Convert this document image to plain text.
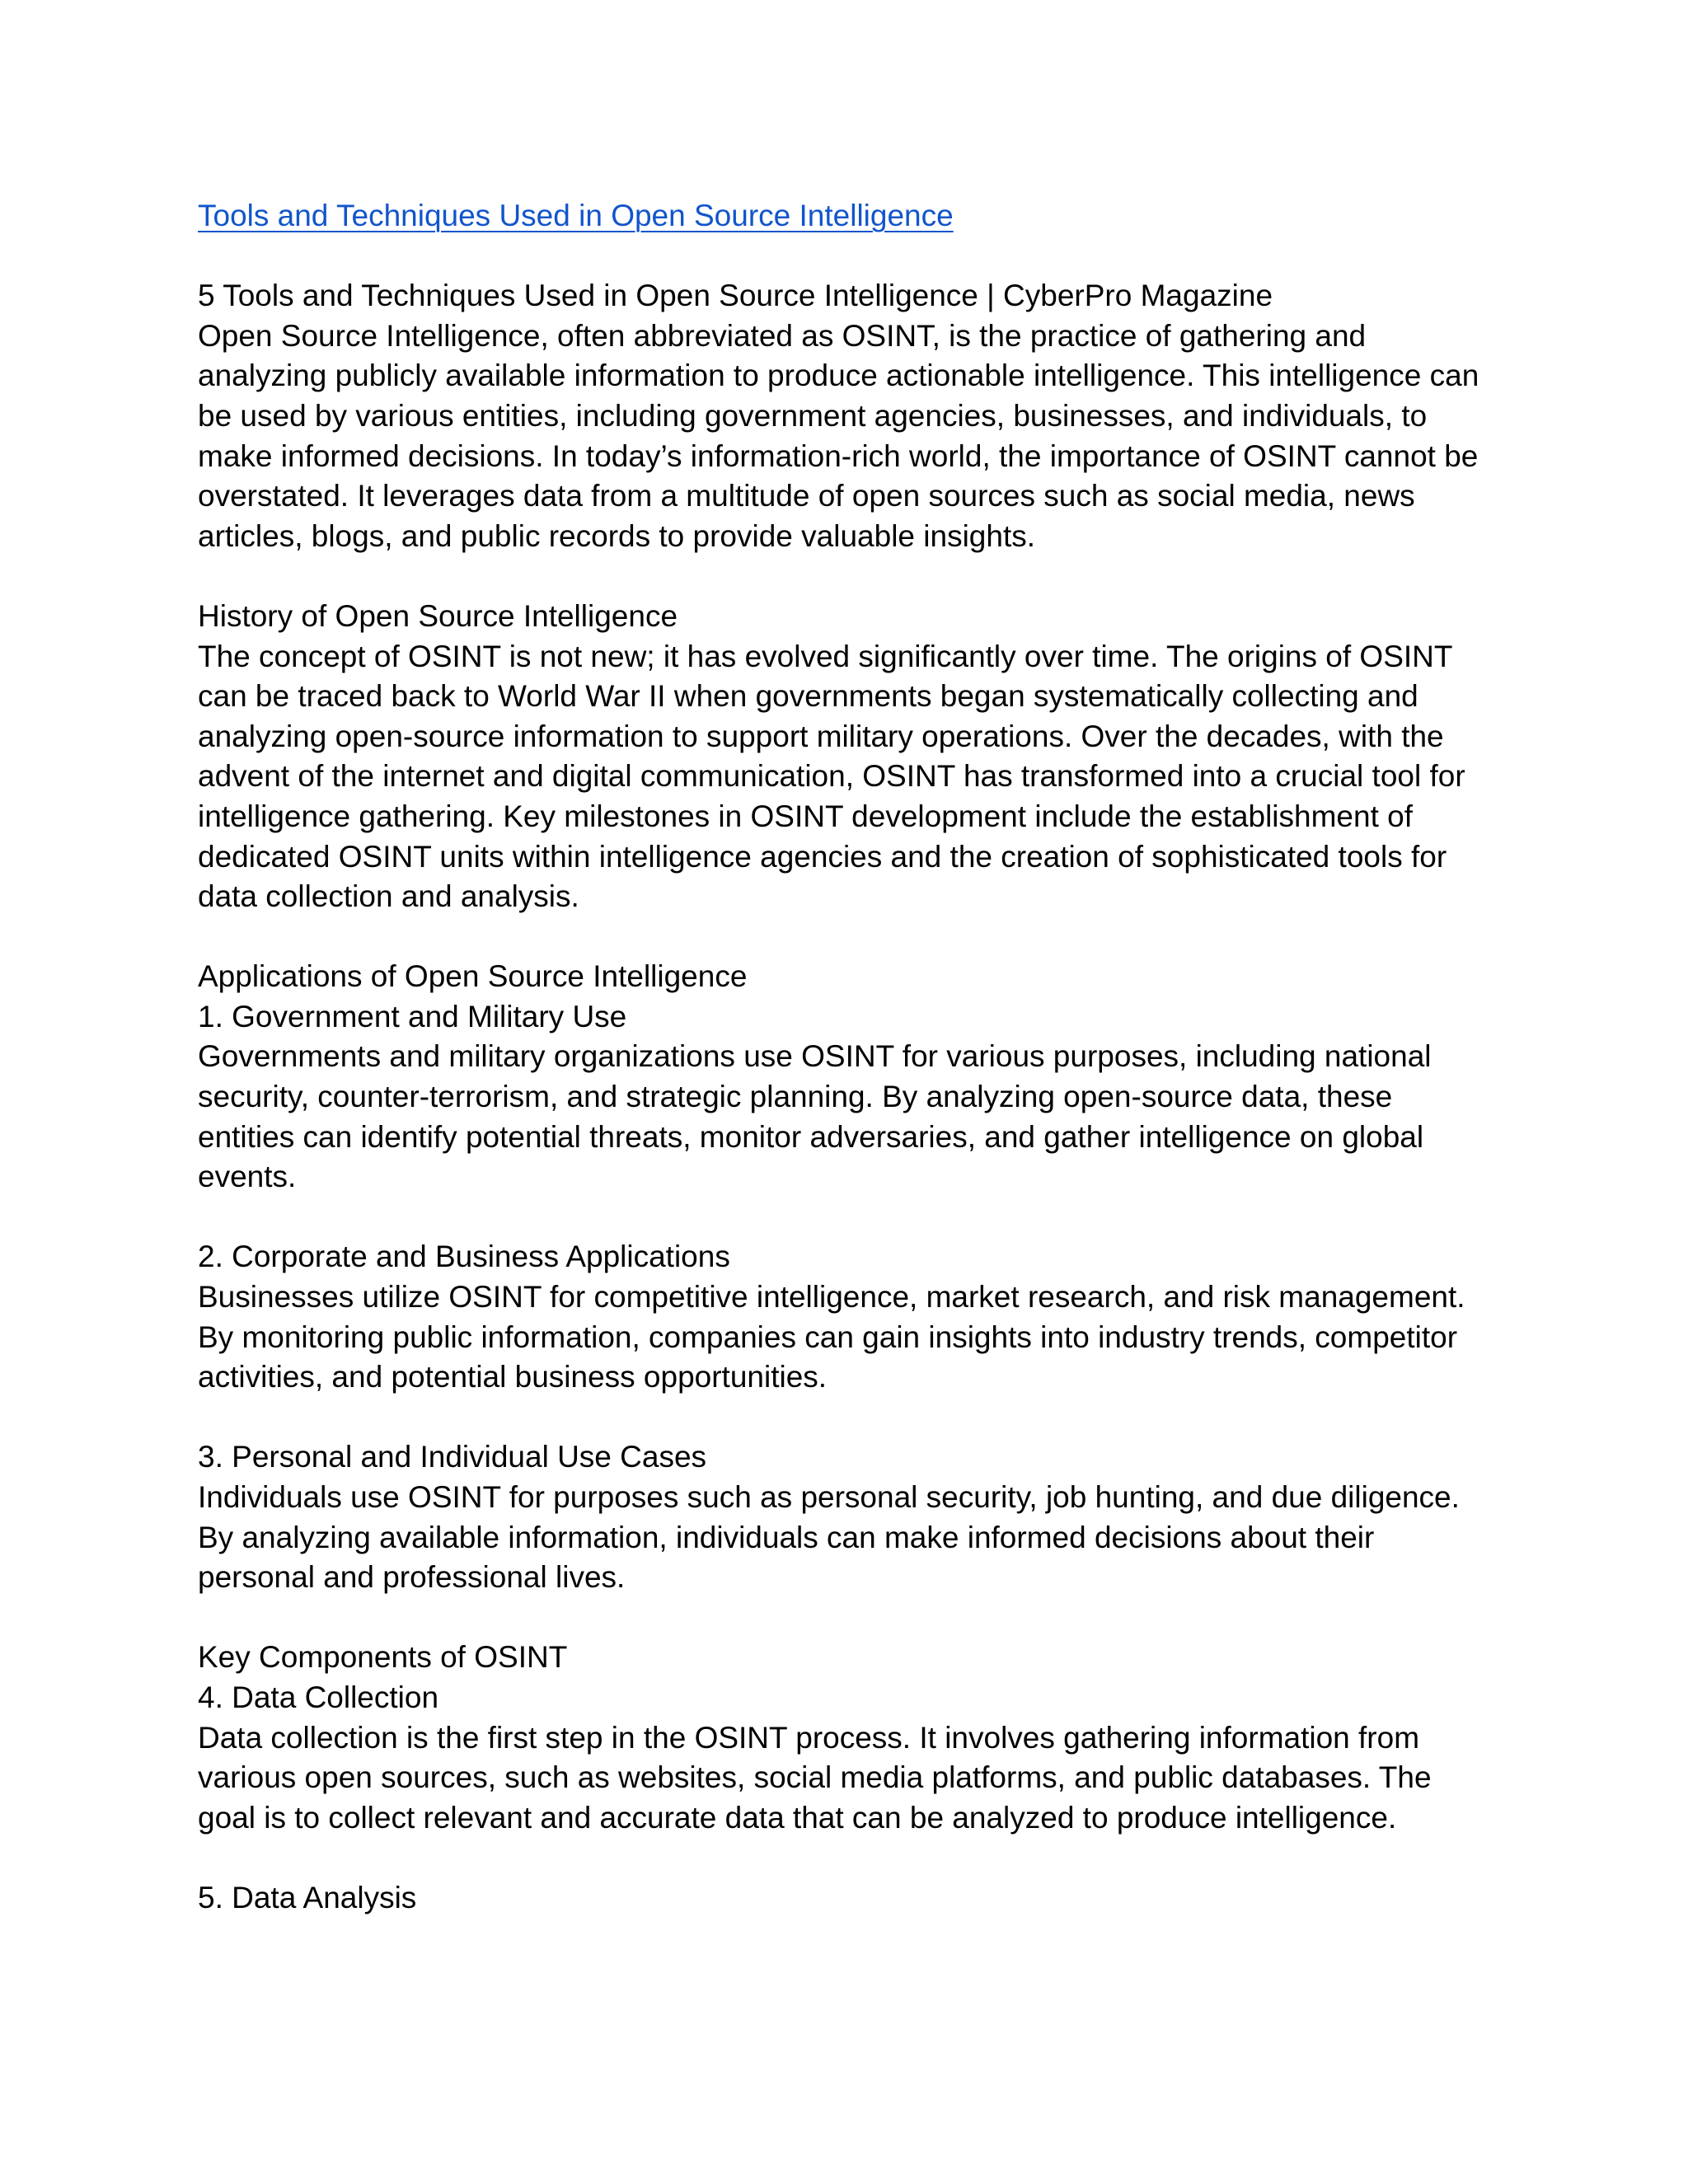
Tools and Techniques Used in Open Source Intelligence

5 Tools and Techniques Used in Open Source Intelligence | CyberPro Magazine

Open Source Intelligence, often abbreviated as OSINT, is the practice of gathering and

analyzing publicly available information to produce actionable intelligence. This intelligence can

be used by various entities, including government agencies, businesses, and individuals, to

make informed decisions. In today’s information-rich world, the importance of OSINT cannot be

overstated. It leverages data from a multitude of open sources such as social media, news

articles, blogs, and public records to provide valuable insights.

History of Open Source Intelligence

The concept of OSINT is not new; it has evolved significantly over time. The origins of OSINT

can be traced back to World War II when governments began systematically collecting and

analyzing open-source information to support military operations. Over the decades, with the

advent of the internet and digital communication, OSINT has transformed into a crucial tool for

intelligence gathering. Key milestones in OSINT development include the establishment of

dedicated OSINT units within intelligence agencies and the creation of sophisticated tools for

data collection and analysis.

Applications of Open Source Intelligence

1. Government and Military Use

Governments and military organizations use OSINT for various purposes, including national

security, counter-terrorism, and strategic planning. By analyzing open-source data, these

entities can identify potential threats, monitor adversaries, and gather intelligence on global

events.

2. Corporate and Business Applications

Businesses utilize OSINT for competitive intelligence, market research, and risk management.

By monitoring public information, companies can gain insights into industry trends, competitor

activities, and potential business opportunities.

3. Personal and Individual Use Cases

Individuals use OSINT for purposes such as personal security, job hunting, and due diligence.

By analyzing available information, individuals can make informed decisions about their

personal and professional lives.

Key Components of OSINT

4. Data Collection

Data collection is the first step in the OSINT process. It involves gathering information from

various open sources, such as websites, social media platforms, and public databases. The

goal is to collect relevant and accurate data that can be analyzed to produce intelligence.

5. Data Analysis
